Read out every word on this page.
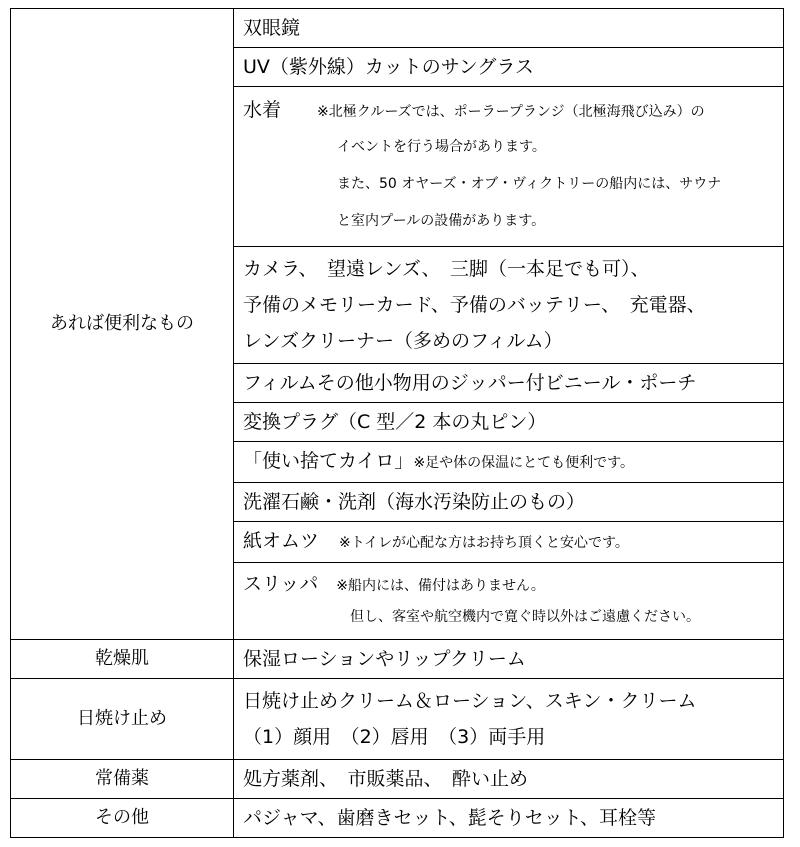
あれば便利なもの	双眼鏡
	UV（紫外線）カットのサングラス

	水着 ※北極クルーズでは、ポーラープランジ（北極海飛び込み）の
イベントを行う場合があります。
また、50 オヤーズ・オブ・ヴィクトリーの船内には、サウナ
と室内プールの設備があります。

	カメラ、　望遠レンズ、　三脚（一本足でも可）、
予備のメモリーカード、予備のバッテリー、　充電器、
レンズクリーナー（多めのフィルム）

	フィルムその他小物用のジッパー付ビニール・ポーチ
	変換プラグ（C 型／2 本の丸ピン）
	「使い捨てカイロ」※足や体の保温にとても便利です。
	洗濯石鹸・洗剤（海水汚染防止のもの）
	紙オムツ ※トイレが心配な方はお持ち頂くと安心です。

	スリッパ ※船内には、備付はありません。
但し、客室や航空機内で寛ぐ時以外はご遠慮ください。

乾燥肌	保湿ローションやリップクリーム
日焼け止め	日焼け止めクリーム＆ローション、スキン・クリーム
（1）顔用　（2）唇用　（3）両手用

常備薬	処方薬剤、　市販薬品、　酔い止め
その他	パジャマ、歯磨きセット、髭そりセット、耳栓等
